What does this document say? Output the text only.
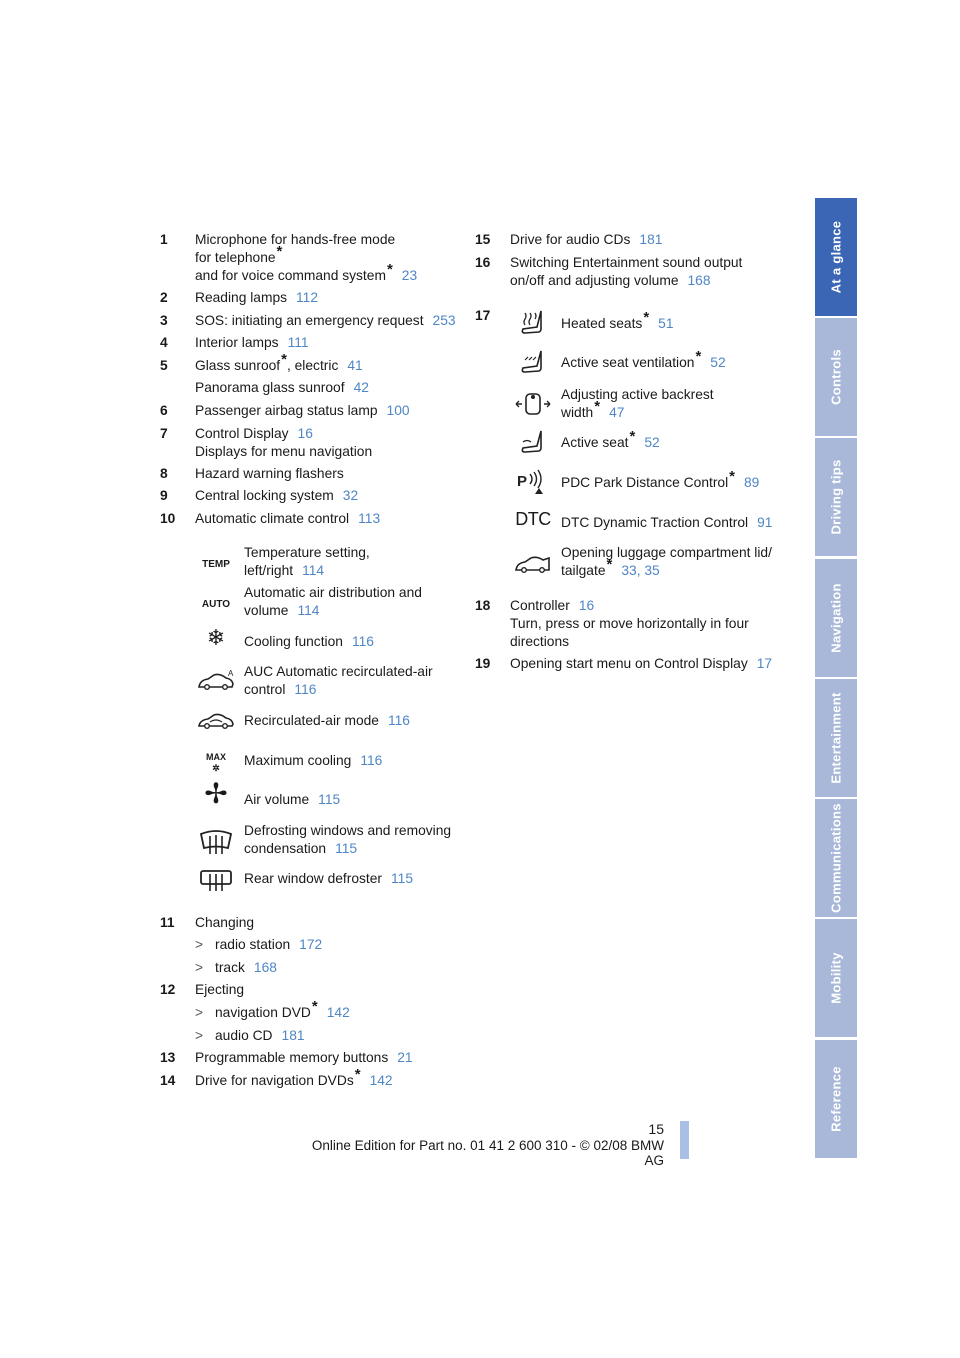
1 Microphone for hands-free mode
for telephone*
and for voice command system* 23
2 Reading lamps 112
3 SOS: initiating an emergency request 253
4 Interior lamps 111
5 Glass sunroof*, electric 41
Panorama glass sunroof 42
6 Passenger airbag status lamp 100
7 Control Display 16
Displays for menu navigation
8 Hazard warning flashers
9 Central locking system 32
10 Automatic climate control 113
TEMP
Temperature setting,
left/right 114
AUTO
Automatic air distribution and
volume 114
❄	Cooling function 116
A AUC Automatic recirculated-air
control 116
Recirculated-air mode 116
MAX
✲	Maximum cooling 116
✢	Air volume 115
Defrosting windows and removing
condensation 115
Rear window defroster 115
11 Changing
> radio station 172
> track 168
12 Ejecting
> navigation DVD* 142
> audio CD 181
13 Programmable memory buttons 21
14 Drive for navigation DVDs* 142
15 Drive for audio CDs 181
16 Switching Entertainment sound output
on/off and adjusting volume 168
17
Heated seats* 51
Active seat ventilation* 52
Adjusting active backrest
width* 47
Active seat* 52
P PDC Park Distance Control* 89
DTC DTC Dynamic Traction Control 91
Opening luggage compartment lid/
tailgate* 33, 35
18 Controller 16
Turn, press or move horizontally in four
directions
19 Opening start menu on Control Display 17
At a glance
Controls
Driving tips
Navigation
Entertainment
Communications
Mobility
Reference
15
Online Edition for Part no. 01 41 2 600 310 - © 02/08 BMW AG
